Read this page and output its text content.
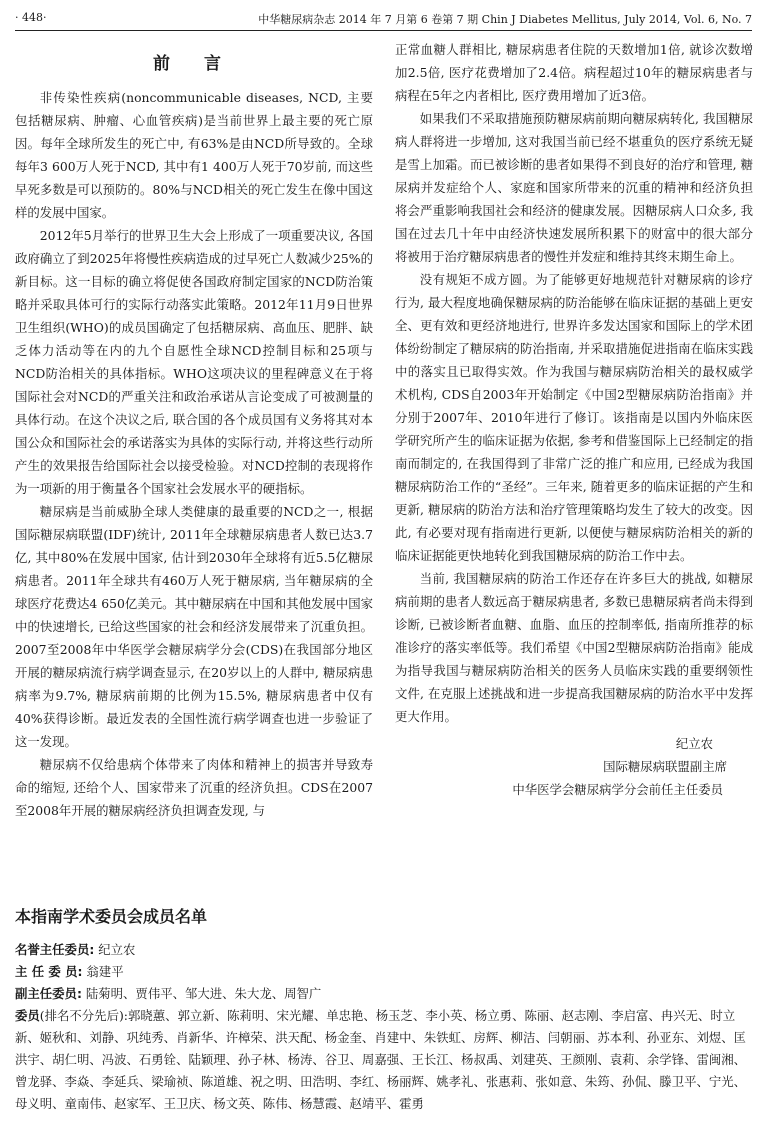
· 448·	中华糖尿病杂志 2014 年 7 月第 6 卷第 7 期 Chin J Diabetes Mellitus, July 2014, Vol. 6, No. 7
前 言

非传染性疾病(noncommunicable diseases, NCD, 主要包括糖尿病、肿瘤、心血管疾病)是当前世界上最主要的死亡原因。每年全球所发生的死亡中, 有63%是由NCD所导致的。全球每年3 600万人死于NCD, 其中有1 400万人死于70岁前, 而这些早死多数是可以预防的。80%与NCD相关的死亡发生在像中国这样的发展中国家。

2012年5月举行的世界卫生大会上形成了一项重要决议, 各国政府确立了到2025年将慢性疾病造成的过早死亡人数减少25%的新目标。这一目标的确立将促使各国政府制定国家的NCD防治策略并采取具体可行的实际行动落实此策略。2012年11月9日世界卫生组织(WHO)的成员国确定了包括糖尿病、高血压、肥胖、缺乏体力活动等在内的九个自愿性全球NCD控制目标和25项与NCD防治相关的具体指标。WHO这项决议的里程碑意义在于将国际社会对NCD的严重关注和政治承诺从言论变成了可被测量的具体行动。在这个决议之后, 联合国的各个成员国有义务将其对本国公众和国际社会的承诺落实为具体的实际行动, 并将这些行动所产生的效果报告给国际社会以接受检验。对NCD控制的表现将作为一项新的用于衡量各个国家社会发展水平的硬指标。

糖尿病是当前威胁全球人类健康的最重要的NCD之一, 根据国际糖尿病联盟(IDF)统计, 2011年全球糖尿病患者人数已达3.7亿, 其中80%在发展中国家, 估计到2030年全球将有近5.5亿糖尿病患者。2011年全球共有460万人死于糖尿病, 当年糖尿病的全球医疗花费达4 650亿美元。其中糖尿病在中国和其他发展中国家中的快速增长, 已给这些国家的社会和经济发展带来了沉重负担。2007至2008年中华医学会糖尿病学分会(CDS)在我国部分地区开展的糖尿病流行病学调查显示, 在20岁以上的人群中, 糖尿病患病率为9.7%, 糖尿病前期的比例为15.5%, 糖尿病患者中仅有40%获得诊断。最近发表的全国性流行病学调查也进一步验证了这一发现。

糖尿病不仅给患病个体带来了肉体和精神上的损害并导致寿命的缩短, 还给个人、国家带来了沉重的经济负担。CDS在2007至2008年开展的糖尿病经济负担调查发现, 与

正常血糖人群相比, 糖尿病患者住院的天数增加1倍, 就诊次数增加2.5倍, 医疗花费增加了2.4倍。病程超过10年的糖尿病患者与病程在5年之内者相比, 医疗费用增加了近3倍。

如果我们不采取措施预防糖尿病前期向糖尿病转化, 我国糖尿病人群将进一步增加, 这对我国当前已经不堪重负的医疗系统无疑是雪上加霜。而已被诊断的患者如果得不到良好的治疗和管理, 糖尿病并发症给个人、家庭和国家所带来的沉重的精神和经济负担将会严重影响我国社会和经济的健康发展。因糖尿病人口众多, 我国在过去几十年中由经济快速发展所积累下的财富中的很大部分将被用于治疗糖尿病患者的慢性并发症和维持其终末期生命上。

没有规矩不成方圆。为了能够更好地规范针对糖尿病的诊疗行为, 最大程度地确保糖尿病的防治能够在临床证据的基础上更安全、更有效和更经济地进行, 世界许多发达国家和国际上的学术团体纷纷制定了糖尿病的防治指南, 并采取措施促进指南在临床实践中的落实且已取得实效。作为我国与糖尿病防治相关的最权威学术机构, CDS自2003年开始制定《中国2型糖尿病防治指南》并分别于2007年、2010年进行了修订。该指南是以国内外临床医学研究所产生的临床证据为依据, 参考和借鉴国际上已经制定的指南而制定的, 在我国得到了非常广泛的推广和应用, 已经成为我国糖尿病防治工作的“圣经”。三年来, 随着更多的临床证据的产生和更新, 糖尿病的防治方法和治疗管理策略均发生了较大的改变。因此, 有必要对现有指南进行更新, 以便使与糖尿病防治相关的新的临床证据能更快地转化到我国糖尿病的防治工作中去。

当前, 我国糖尿病的防治工作还存在许多巨大的挑战, 如糖尿病前期的患者人数远高于糖尿病患者, 多数已患糖尿病者尚未得到诊断, 已被诊断者血糖、血脂、血压的控制率低, 指南所推荐的标准诊疗的落实率低等。我们希望《中国2型糖尿病防治指南》能成为指导我国与糖尿病防治相关的医务人员临床实践的重要纲领性文件, 在克服上述挑战和进一步提高我国糖尿病的防治水平中发挥更大作用。

纪立农

国际糖尿病联盟副主席

中华医学会糖尿病学分会前任主任委员

本指南学术委员会成员名单

名誉主任委员: 纪立农

主 任 委 员: 翁建平

副主任委员: 陆菊明、贾伟平、邹大进、朱大龙、周智广

委员(排名不分先后):郭晓蕙、郭立新、陈莉明、宋光耀、单忠艳、杨玉芝、李小英、杨立勇、陈丽、赵志刚、李启富、冉兴无、时立新、姬秋和、刘静、巩纯秀、肖新华、许樟荣、洪天配、杨金奎、肖建中、朱铁虹、房辉、柳洁、闫朝丽、苏本利、孙亚东、刘煜、匡洪宇、胡仁明、冯波、石勇铨、陆颖理、孙子林、杨涛、谷卫、周嘉强、王长江、杨叔禹、刘建英、王颜刚、袁莉、余学锋、雷闽湘、曾龙驿、李焱、李延兵、梁瑜祯、陈道雄、祝之明、田浩明、李红、杨丽辉、姚孝礼、张惠莉、张如意、朱筠、孙侃、滕卫平、宁光、母义明、童南伟、赵家军、王卫庆、杨文英、陈伟、杨慧霞、赵靖平、霍勇
